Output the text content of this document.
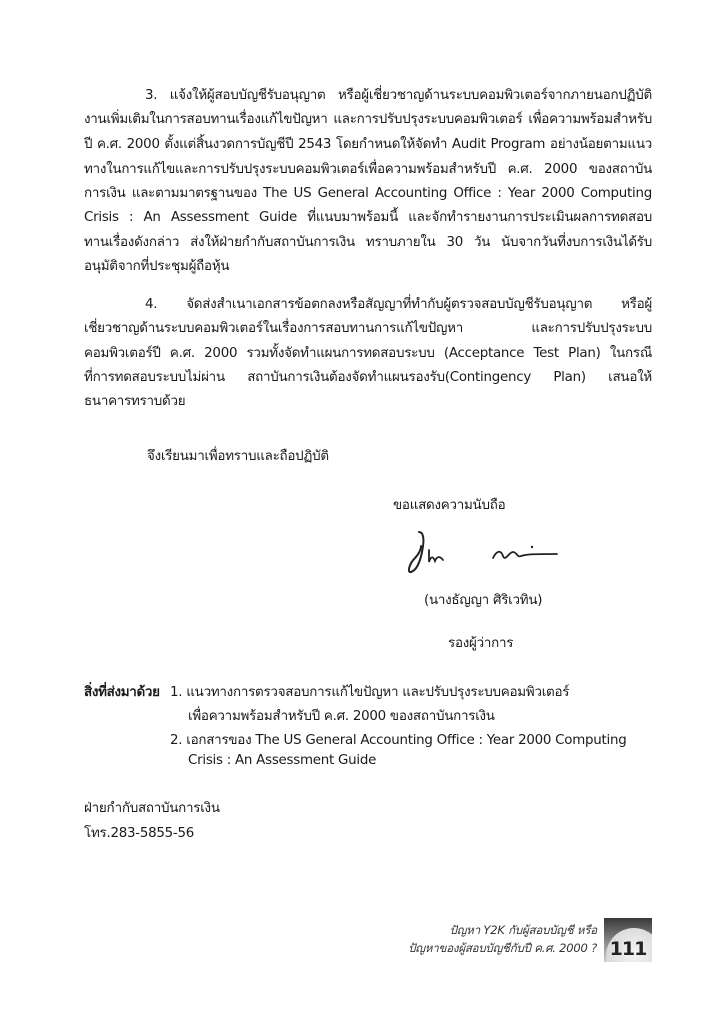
3. แจ้งให้ผู้สอบบัญชีรับอนุญาต หรือผู้เชี่ยวชาญด้านระบบคอมพิวเตอร์จากภายนอกปฏิบัติ
งานเพิ่มเติมในการสอบทานเรื่องแก้ไขปัญหา และการปรับปรุงระบบคอมพิวเตอร์ เพื่อความพร้อมสำหรับ
ปี ค.ศ. 2000 ตั้งแต่สิ้นงวดการบัญชีปี 2543 โดยกำหนดให้จัดทำ Audit Program อย่างน้อยตามแนว
ทางในการแก้ไขและการปรับปรุงระบบคอมพิวเตอร์เพื่อความพร้อมสำหรับปี ค.ศ. 2000 ของสถาบัน
การเงิน และตามมาตรฐานของ The US General Accounting Office : Year 2000 Computing
Crisis : An Assessment Guide ที่แนบมาพร้อมนี้ และจักทำรายงานการประเมินผลการทดสอบ
ทานเรื่องดังกล่าว ส่งให้ฝ่ายกำกับสถาบันการเงิน ทราบภายใน 30 วัน นับจากวันที่งบการเงินได้รับ
อนุมัติจากที่ประชุมผู้ถือหุ้น
4. จัดส่งสำเนาเอกสารข้อตกลงหรือสัญญาที่ทำกับผู้ตรวจสอบบัญชีรับอนุญาต หรือผู้
เชี่ยวชาญด้านระบบคอมพิวเตอร์ในเรื่องการสอบทานการแก้ไขปัญหา และการปรับปรุงระบบ
คอมพิวเตอร์ปี ค.ศ. 2000 รวมทั้งจัดทำแผนการทดสอบระบบ (Acceptance Test Plan) ในกรณี
ที่การทดสอบระบบไม่ผ่าน สถาบันการเงินต้องจัดทำแผนรองรับ(Contingency Plan) เสนอให้
ธนาคารทราบด้วย
จึงเรียนมาเพื่อทราบและถือปฏิบัติ
ขอแสดงความนับถือ
(นางธัญญา ศิริเวทิน)
รองผู้ว่าการ
สิ่งที่ส่งมาด้วย 1. แนวทางการตรวจสอบการแก้ไขปัญหา และปรับปรุงระบบคอมพิวเตอร์
เพื่อความพร้อมสำหรับปี ค.ศ. 2000 ของสถาบันการเงิน
2. เอกสารของ The US General Accounting Office : Year 2000 Computing
Crisis : An Assessment Guide
ฝ่ายกำกับสถาบันการเงิน
โทร.283-5855-56
ปัญหา Y2K กับผู้สอบบัญชี หรือ
ปัญหาของผู้สอบบัญชีกับปี ค.ศ. 2000 ? 111
